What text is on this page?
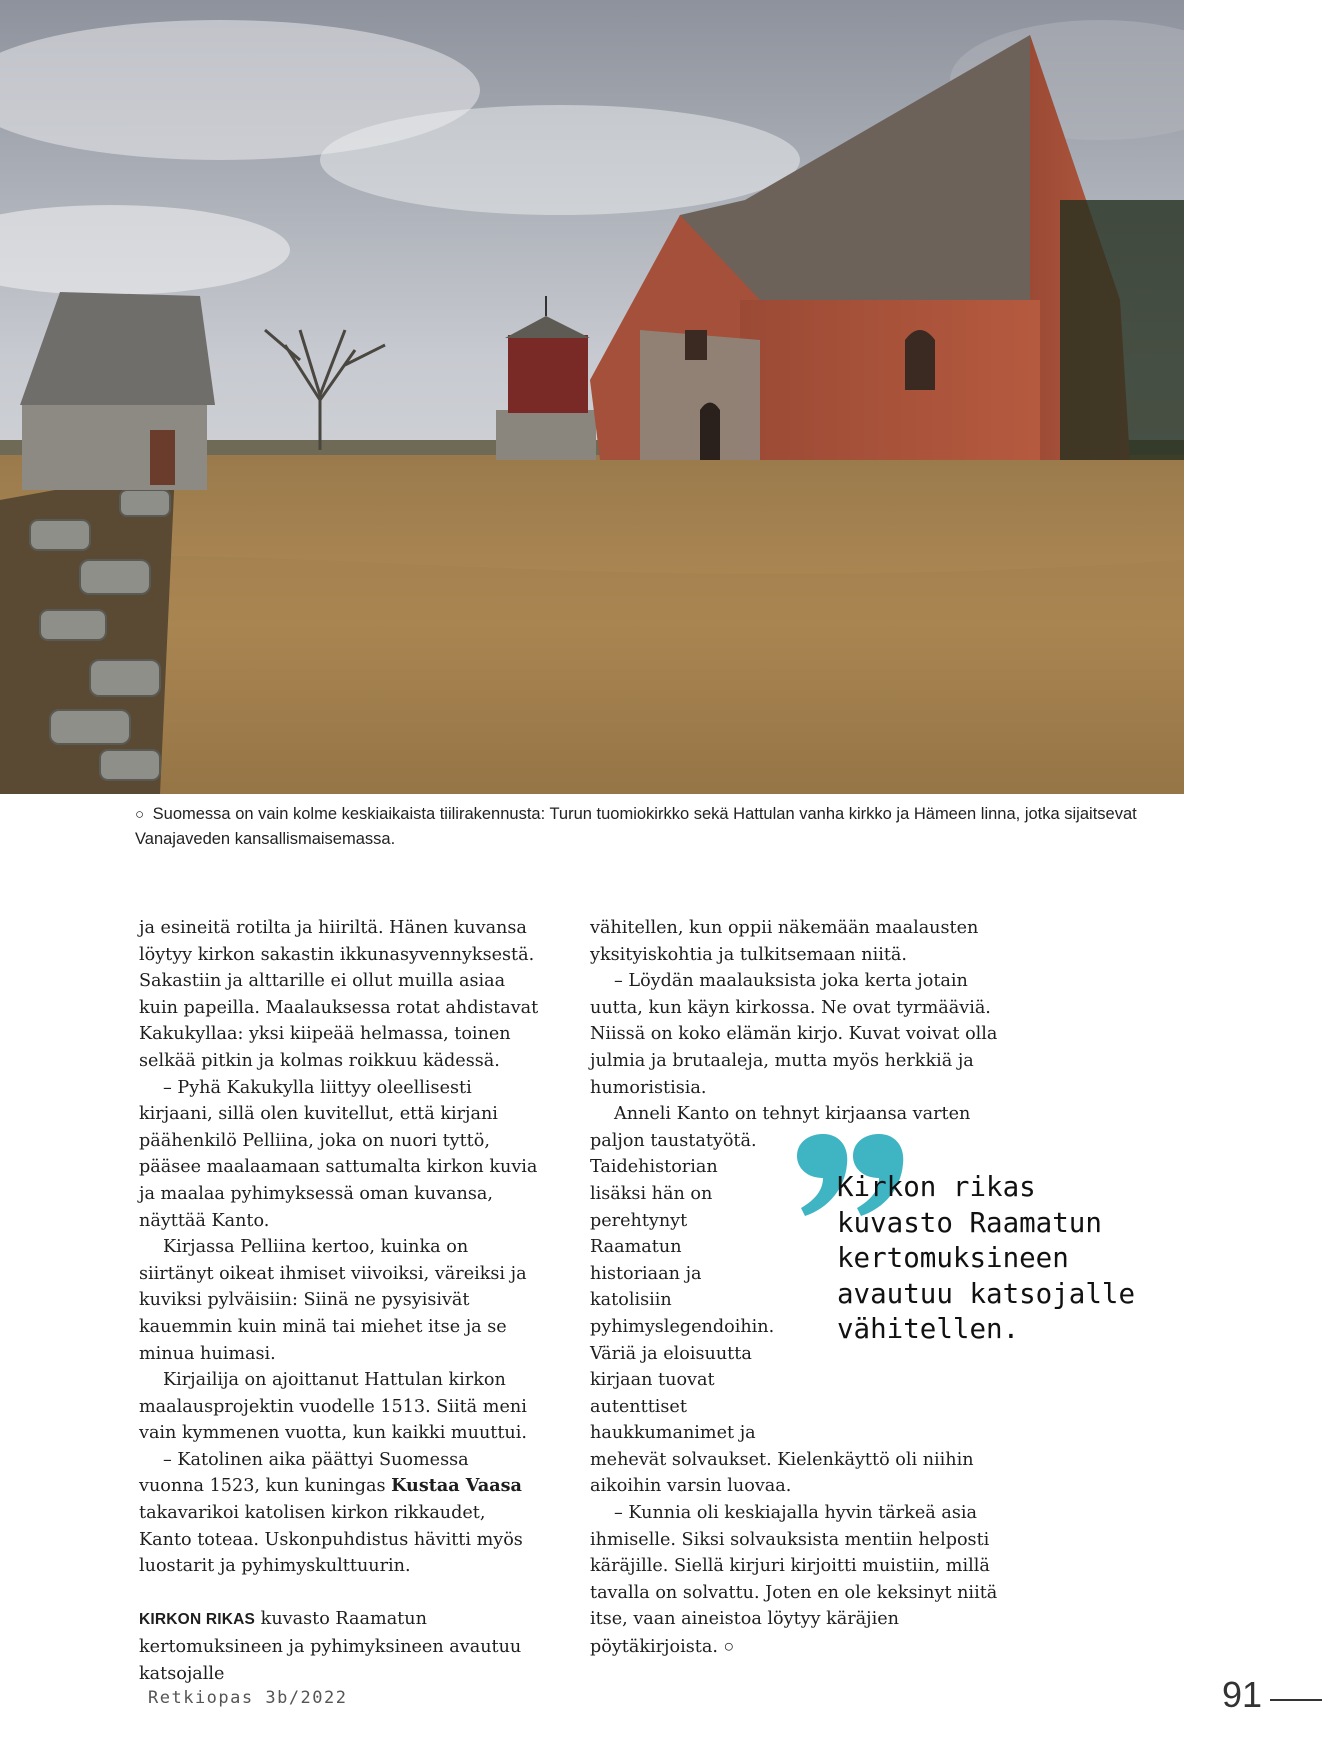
○ Suomessa on vain kolme keskiaikaista tiilirakennusta: Turun tuomiokirkko sekä Hattulan vanha kirkko ja Hämeen linna, jotka sijaitsevat Vanajaveden kansallismaisemassa.

ja esineitä rotilta ja hiiriltä. Hänen kuvansa löytyy kirkon sakastin ikkunasyvennyksestä. Sakastiin ja alttarille ei ollut muilla asiaa kuin papeilla. Maalauksessa rotat ahdistavat Kakukyllaa: yksi kiipeää helmassa, toinen selkää pitkin ja kolmas roikkuu kädessä.

– Pyhä Kakukylla liittyy oleellisesti kirjaani, sillä olen kuvitellut, että kirjani päähenkilö Pelliina, joka on nuori tyttö, pääsee maalaamaan sattumalta kirkon kuvia ja maalaa pyhimyksessä oman kuvansa, näyttää Kanto.

Kirjassa Pelliina kertoo, kuinka on siirtänyt oikeat ihmiset viivoiksi, väreiksi ja kuviksi pylväisiin: Siinä ne pysyisivät kauemmin kuin minä tai miehet itse ja se minua huimasi.

Kirjailija on ajoittanut Hattulan kirkon maalausprojektin vuodelle 1513. Siitä meni vain kymmenen vuotta, kun kaikki muuttui.

– Katolinen aika päättyi Suomessa vuonna 1523, kun kuningas Kustaa Vaasa takavarikoi katolisen kirkon rikkaudet, Kanto toteaa. Uskonpuhdistus hävitti myös luostarit ja pyhimyskulttuurin.

KIRKON RIKAS kuvasto Raamatun kertomuksineen ja pyhimyksineen avautuu katsojalle

vähitellen, kun oppii näkemään maalausten yksityiskohtia ja tulkitsemaan niitä.

– Löydän maalauksista joka kerta jotain uutta, kun käyn kirkossa. Ne ovat tyrmääviä. Niissä on koko elämän kirjo. Kuvat voivat olla julmia ja brutaaleja, mutta myös herkkiä ja humoristisia.

Anneli Kanto on tehnyt kirjaansa varten

paljon taustatyötä. Taidehistorian lisäksi hän on perehtynyt Raamatun historiaan ja katolisiin pyhimyslegendoihin. Väriä ja eloisuutta kirjaan tuovat autenttiset haukkumanimet ja

mehevät solvaukset. Kielenkäyttö oli niihin aikoihin varsin luovaa.

– Kunnia oli keskiajalla hyvin tärkeä asia ihmiselle. Siksi solvauksista mentiin helposti käräjille. Siellä kirjuri kirjoitti muistiin, millä tavalla on solvattu. Joten en ole keksinyt niitä itse, vaan aineistoa löytyy käräjien pöytäkirjoista. ○

Kirkon rikas kuvasto Raamatun kertomuksineen avautuu katsojalle vähitellen.

Retkiopas 3b/2022	91
